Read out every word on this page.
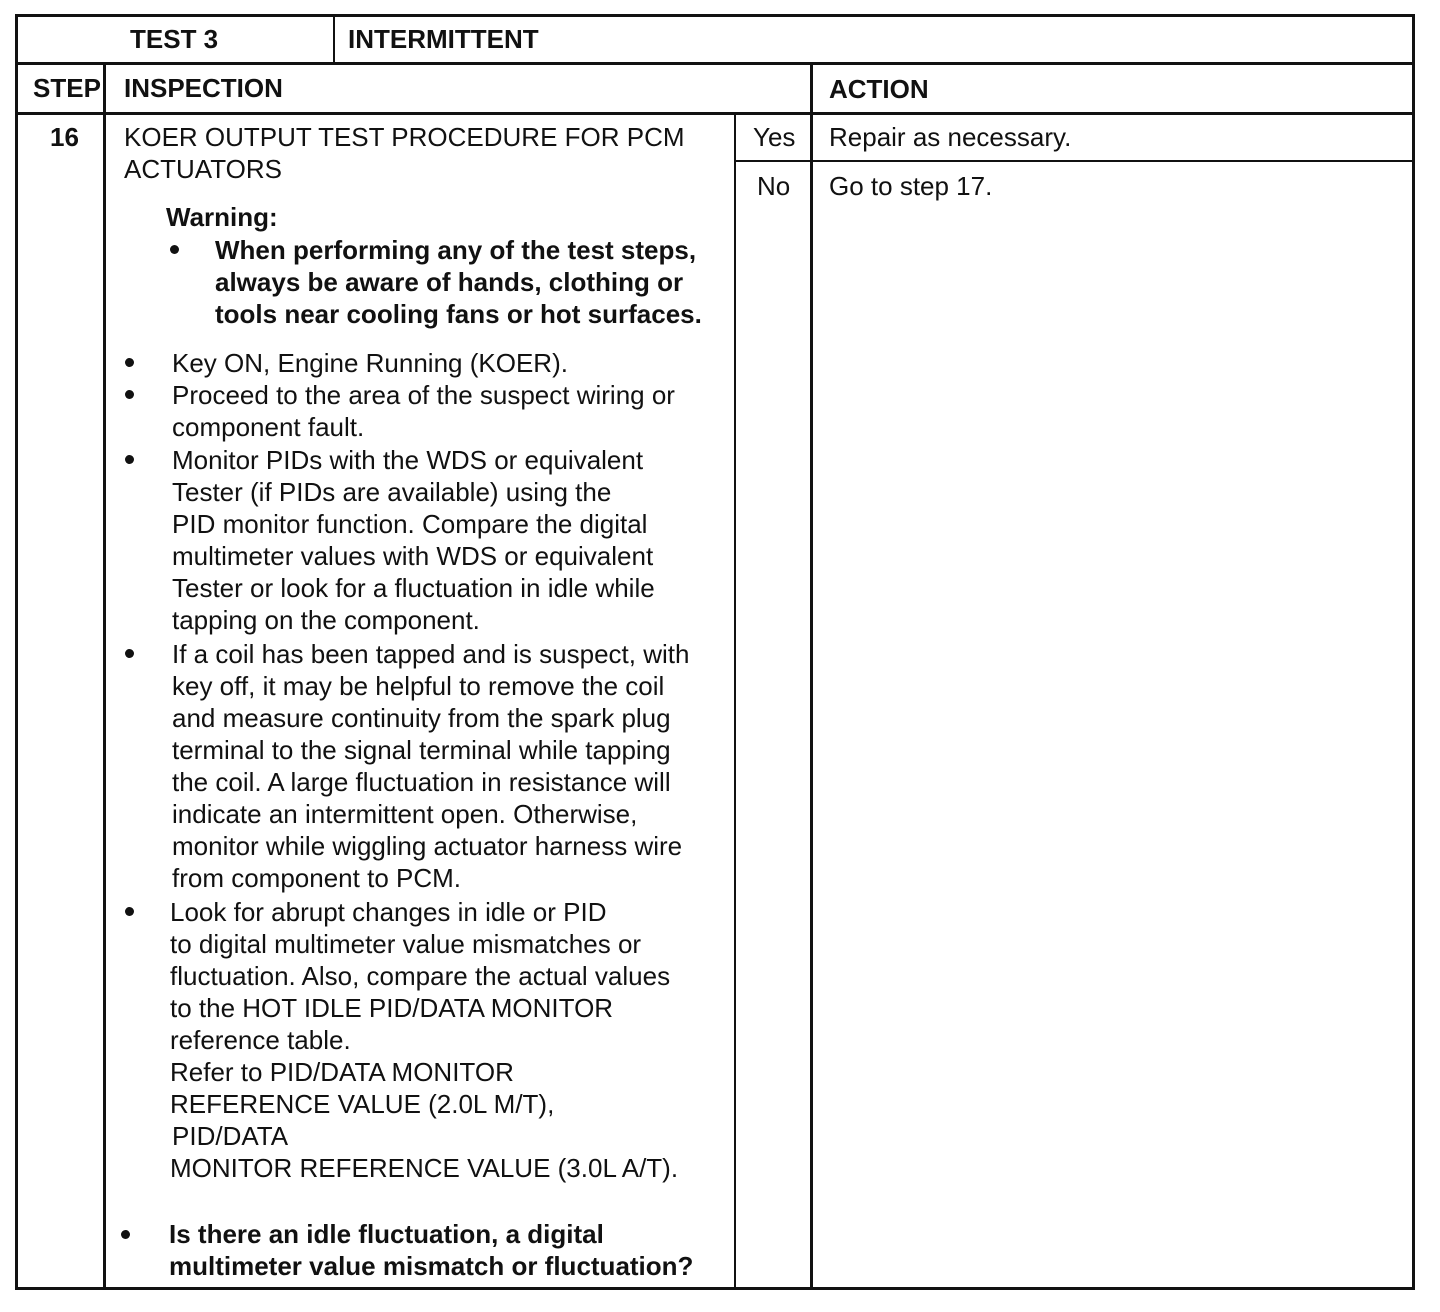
TEST 3	INTERMITTENT
STEP INSPECTION	ACTION
16 KOER OUTPUT TEST PROCEDURE FOR PCM
ACTUATORS
Warning:
When performing any of the test steps,
always be aware of hands, clothing or
tools near cooling fans or hot surfaces.
Key ON, Engine Running (KOER).
Proceed to the area of the suspect wiring or
component fault.
Monitor PIDs with the WDS or equivalent
Tester (if PIDs are available) using the
PID monitor function. Compare the digital
multimeter values with WDS or equivalent
Tester or look for a fluctuation in idle while
tapping on the component.
If a coil has been tapped and is suspect, with
key off, it may be helpful to remove the coil
and measure continuity from the spark plug
terminal to the signal terminal while tapping
the coil. A large fluctuation in resistance will
indicate an intermittent open. Otherwise,
monitor while wiggling actuator harness wire
from component to PCM.
Look for abrupt changes in idle or PID
to digital multimeter value mismatches or
fluctuation. Also, compare the actual values
to the HOT IDLE PID/DATA MONITOR
reference table.
Refer to PID/DATA MONITOR
REFERENCE VALUE (2.0L M/T),
PID/DATA
MONITOR REFERENCE VALUE (3.0L A/T).
Is there an idle fluctuation, a digital
multimeter value mismatch or fluctuation?
Yes Repair as necessary.
No Go to step 17.
